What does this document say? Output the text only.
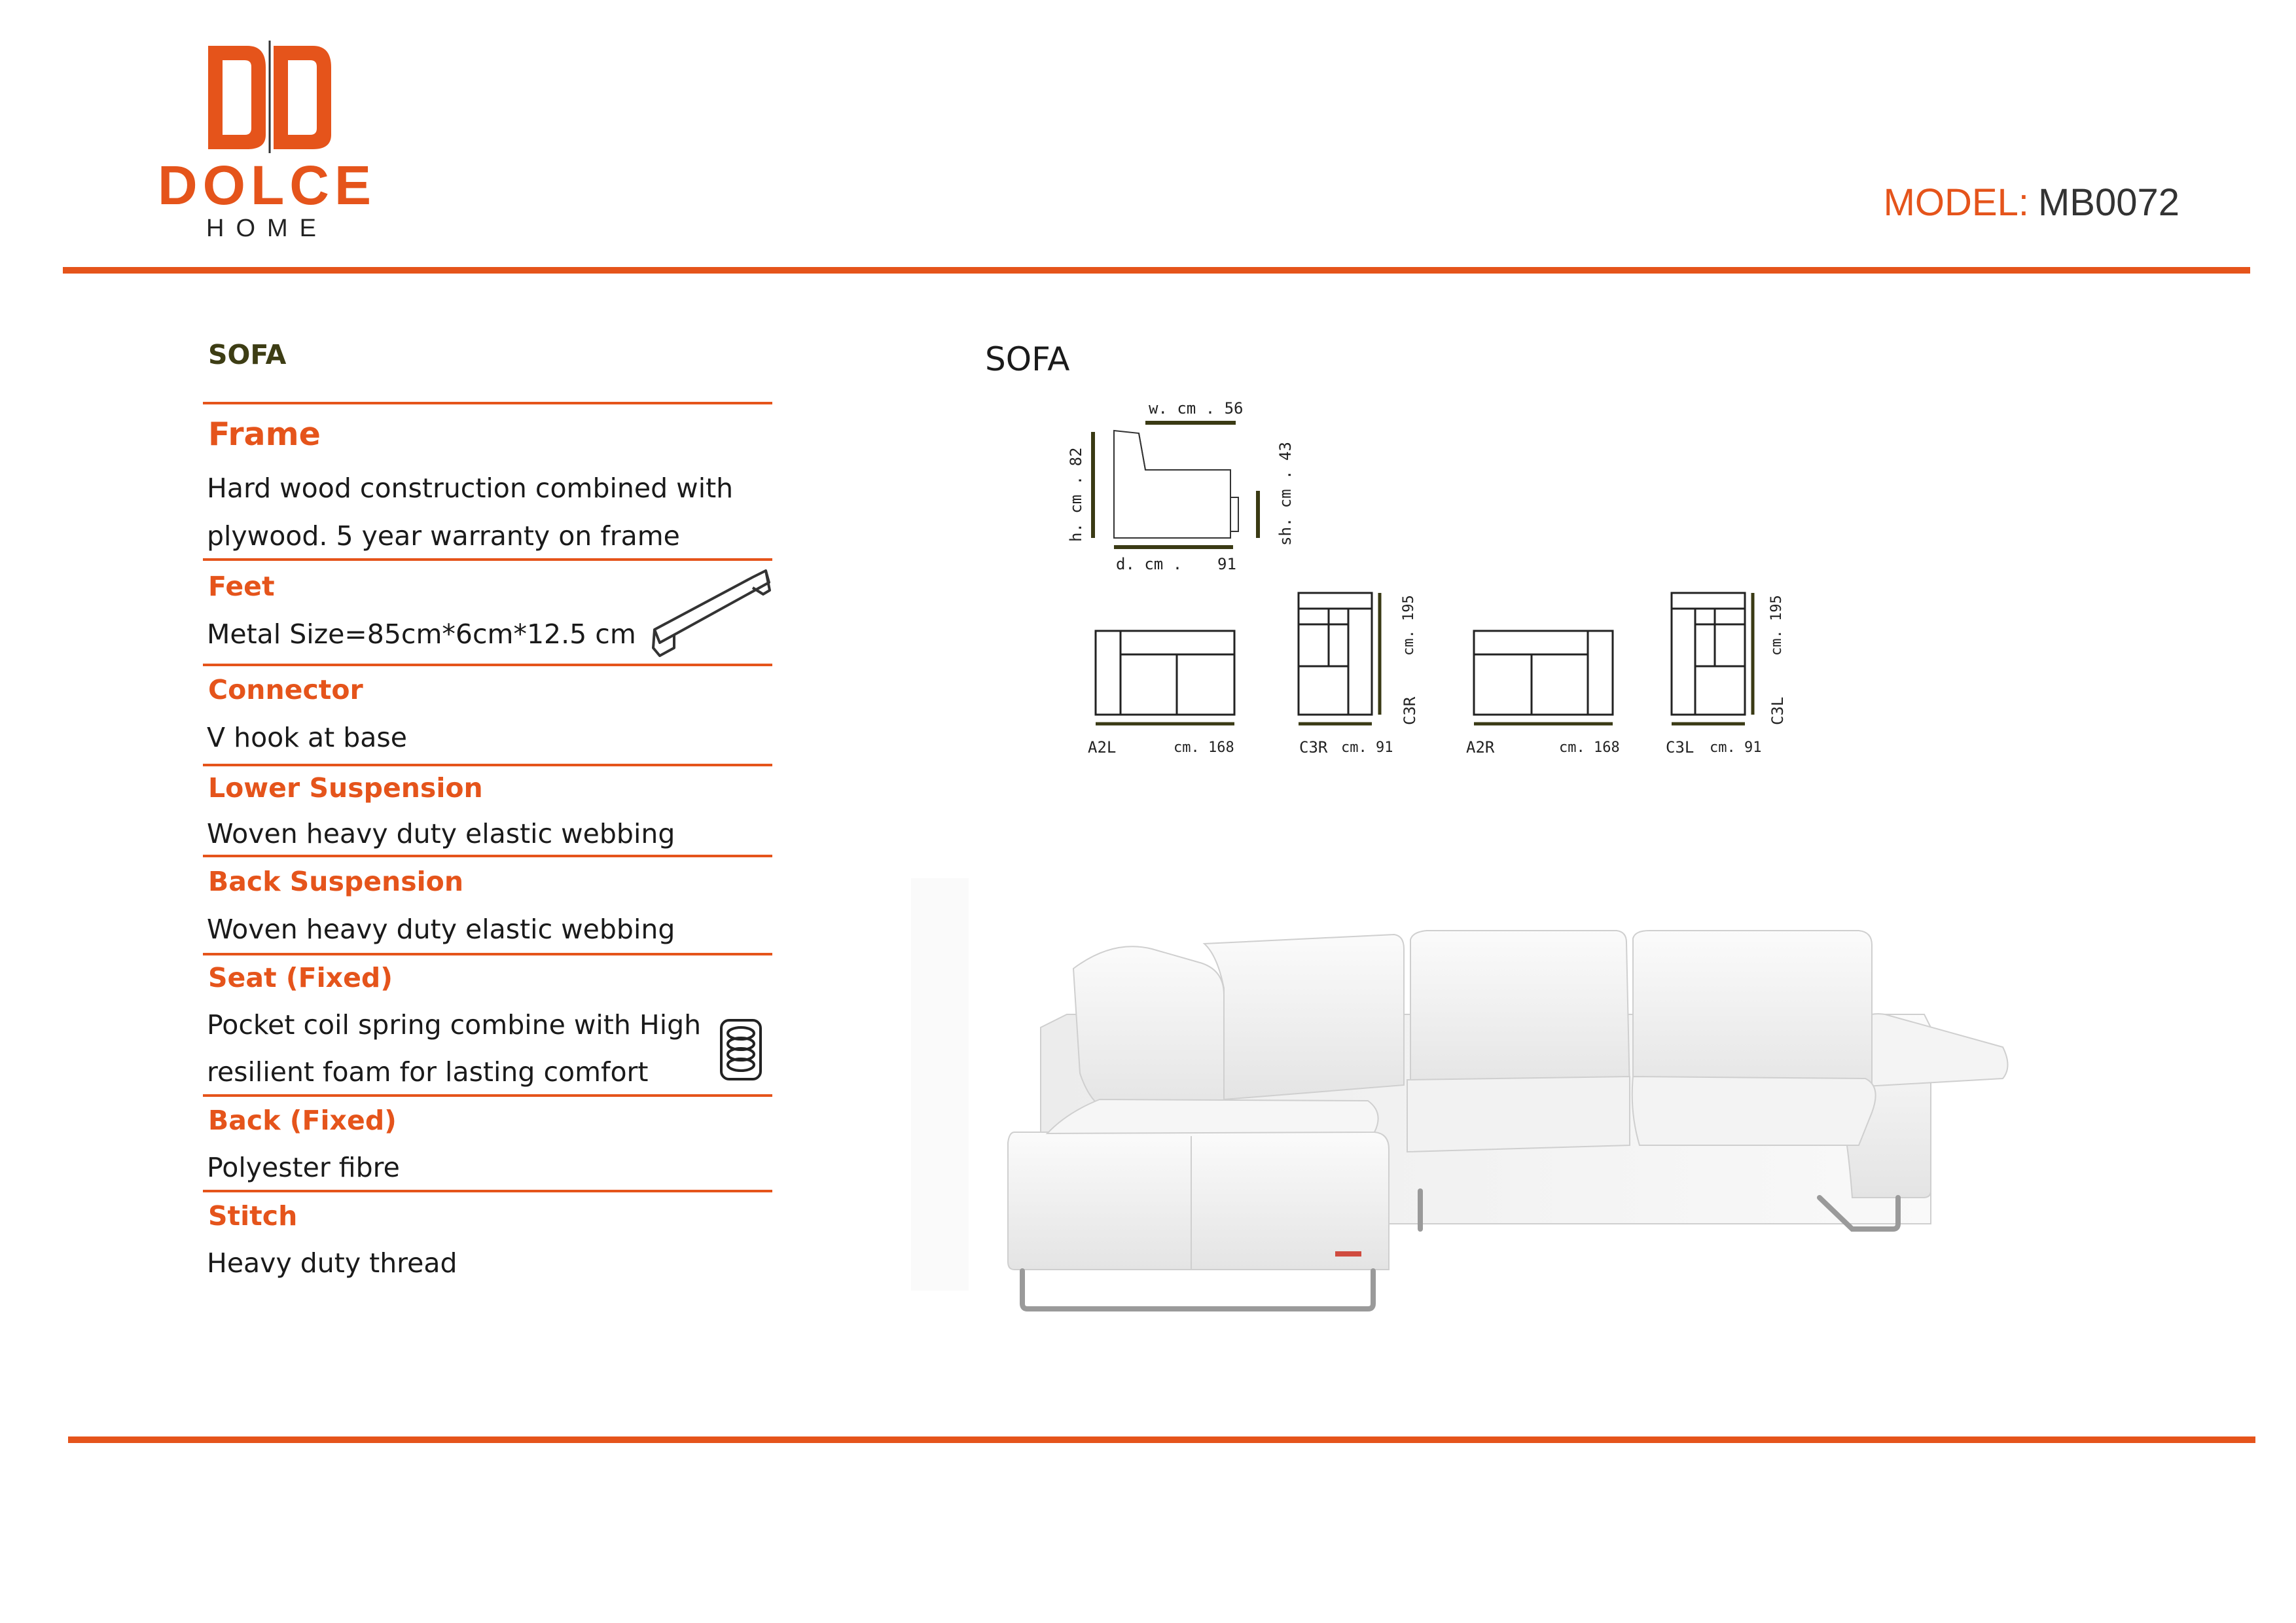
DOLCE
HOME
MODEL: MB0072
SOFA
Frame
Hard wood construction combined with
plywood. 5 year warranty on frame
Feet
Metal Size=85cm*6cm*12.5 cm
Connector
V hook at base
Lower Suspension
Woven heavy duty elastic webbing
Back Suspension
Woven heavy duty elastic webbing
Seat (Fixed)
Pocket coil spring combine with High
resilient foam for lasting comfort
Back (Fixed)
Polyester fibre
Stitch
Heavy duty thread
SOFA
w. cm . 56
d. cm . 91
h. cm . 82	sh. cm . 43
A2L	cm. 168	C3R cm. 91
C3R
cm. 195
A2R	cm. 168	C3L cm. 91
C3L
cm. 195
